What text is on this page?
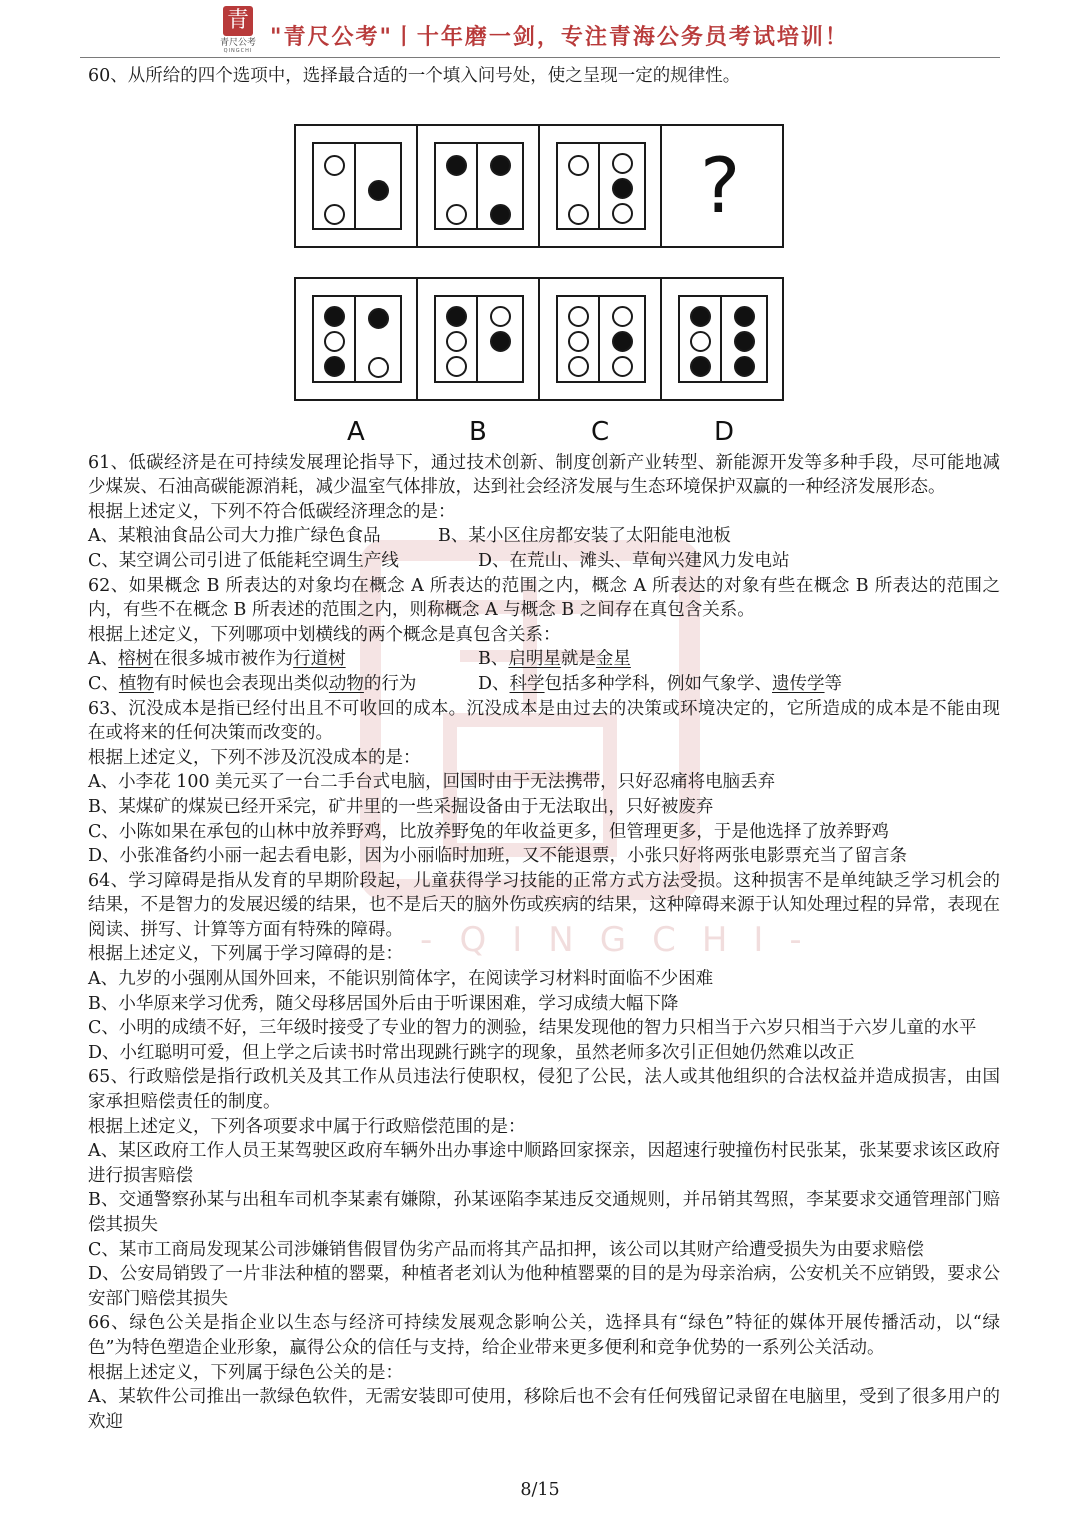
青
青尺公考
QINGCHI
"青尺公考"丨十年磨一剑，专注青海公务员考试培训！
-QINGCHI-
60、从所给的四个选项中，选择最合适的一个填入问号处，使之呈现一定的规律性。
?
A	B	C	D
61、低碳经济是在可持续发展理论指导下，通过技术创新、制度创新产业转型、新能源开发等多种手段，尽可能地减少煤炭、石油高碳能源消耗，减少温室气体排放，达到社会经济发展与生态环境保护双赢的一种经济发展形态。
根据上述定义，下列不符合低碳经济理念的是：
A、某粮油食品公司大力推广绿色食品	B、某小区住房都安装了太阳能电池板
C、某空调公司引进了低能耗空调生产线	D、在荒山、滩头、草甸兴建风力发电站
62、如果概念 B 所表达的对象均在概念 A 所表达的范围之内，概念 A 所表达的对象有些在概念 B 所表达的范围之内，有些不在概念 B 所表述的范围之内，则称概念 A 与概念 B 之间存在真包含关系。
根据上述定义，下列哪项中划横线的两个概念是真包含关系：
A、榕树在很多城市被作为行道树	B、启明星就是金星
C、植物有时候也会表现出类似动物的行为	D、科学包括多种学科，例如气象学、遗传学等
63、沉没成本是指已经付出且不可收回的成本。沉没成本是由过去的决策或环境决定的，它所造成的成本是不能由现在或将来的任何决策而改变的。
根据上述定义，下列不涉及沉没成本的是：
A、小李花 100 美元买了一台二手台式电脑，回国时由于无法携带，只好忍痛将电脑丢弃
B、某煤矿的煤炭已经开采完，矿井里的一些采掘设备由于无法取出，只好被废弃
C、小陈如果在承包的山林中放养野鸡，比放养野兔的年收益更多，但管理更多，于是他选择了放养野鸡
D、小张准备约小丽一起去看电影，因为小丽临时加班，又不能退票，小张只好将两张电影票充当了留言条
64、学习障碍是指从发育的早期阶段起，儿童获得学习技能的正常方式方法受损。这种损害不是单纯缺乏学习机会的结果，不是智力的发展迟缓的结果，也不是后天的脑外伤或疾病的结果，这种障碍来源于认知处理过程的异常，表现在阅读、拼写、计算等方面有特殊的障碍。
根据上述定义，下列属于学习障碍的是：
A、九岁的小强刚从国外回来，不能识别简体字，在阅读学习材料时面临不少困难
B、小华原来学习优秀，随父母移居国外后由于听课困难，学习成绩大幅下降
C、小明的成绩不好，三年级时接受了专业的智力的测验，结果发现他的智力只相当于六岁只相当于六岁儿童的水平
D、小红聪明可爱，但上学之后读书时常出现跳行跳字的现象，虽然老师多次引正但她仍然难以改正
65、行政赔偿是指行政机关及其工作从员违法行使职权，侵犯了公民，法人或其他组织的合法权益并造成损害，由国家承担赔偿责任的制度。
根据上述定义，下列各项要求中属于行政赔偿范围的是：
A、某区政府工作人员王某驾驶区政府车辆外出办事途中顺路回家探亲，因超速行驶撞伤村民张某，张某要求该区政府进行损害赔偿
B、交通警察孙某与出租车司机李某素有嫌隙，孙某诬陷李某违反交通规则，并吊销其驾照，李某要求交通管理部门赔偿其损失
C、某市工商局发现某公司涉嫌销售假冒伪劣产品而将其产品扣押，该公司以其财产给遭受损失为由要求赔偿
D、公安局销毁了一片非法种植的罂粟，种植者老刘认为他种植罂粟的目的是为母亲治病，公安机关不应销毁，要求公安部门赔偿其损失
66、绿色公关是指企业以生态与经济可持续发展观念影响公关，选择具有“绿色”特征的媒体开展传播活动，以“绿色”为特色塑造企业形象，赢得公众的信任与支持，给企业带来更多便利和竞争优势的一系列公关活动。
根据上述定义，下列属于绿色公关的是：
A、某软件公司推出一款绿色软件，无需安装即可使用，移除后也不会有任何残留记录留在电脑里，受到了很多用户的欢迎
8/15
